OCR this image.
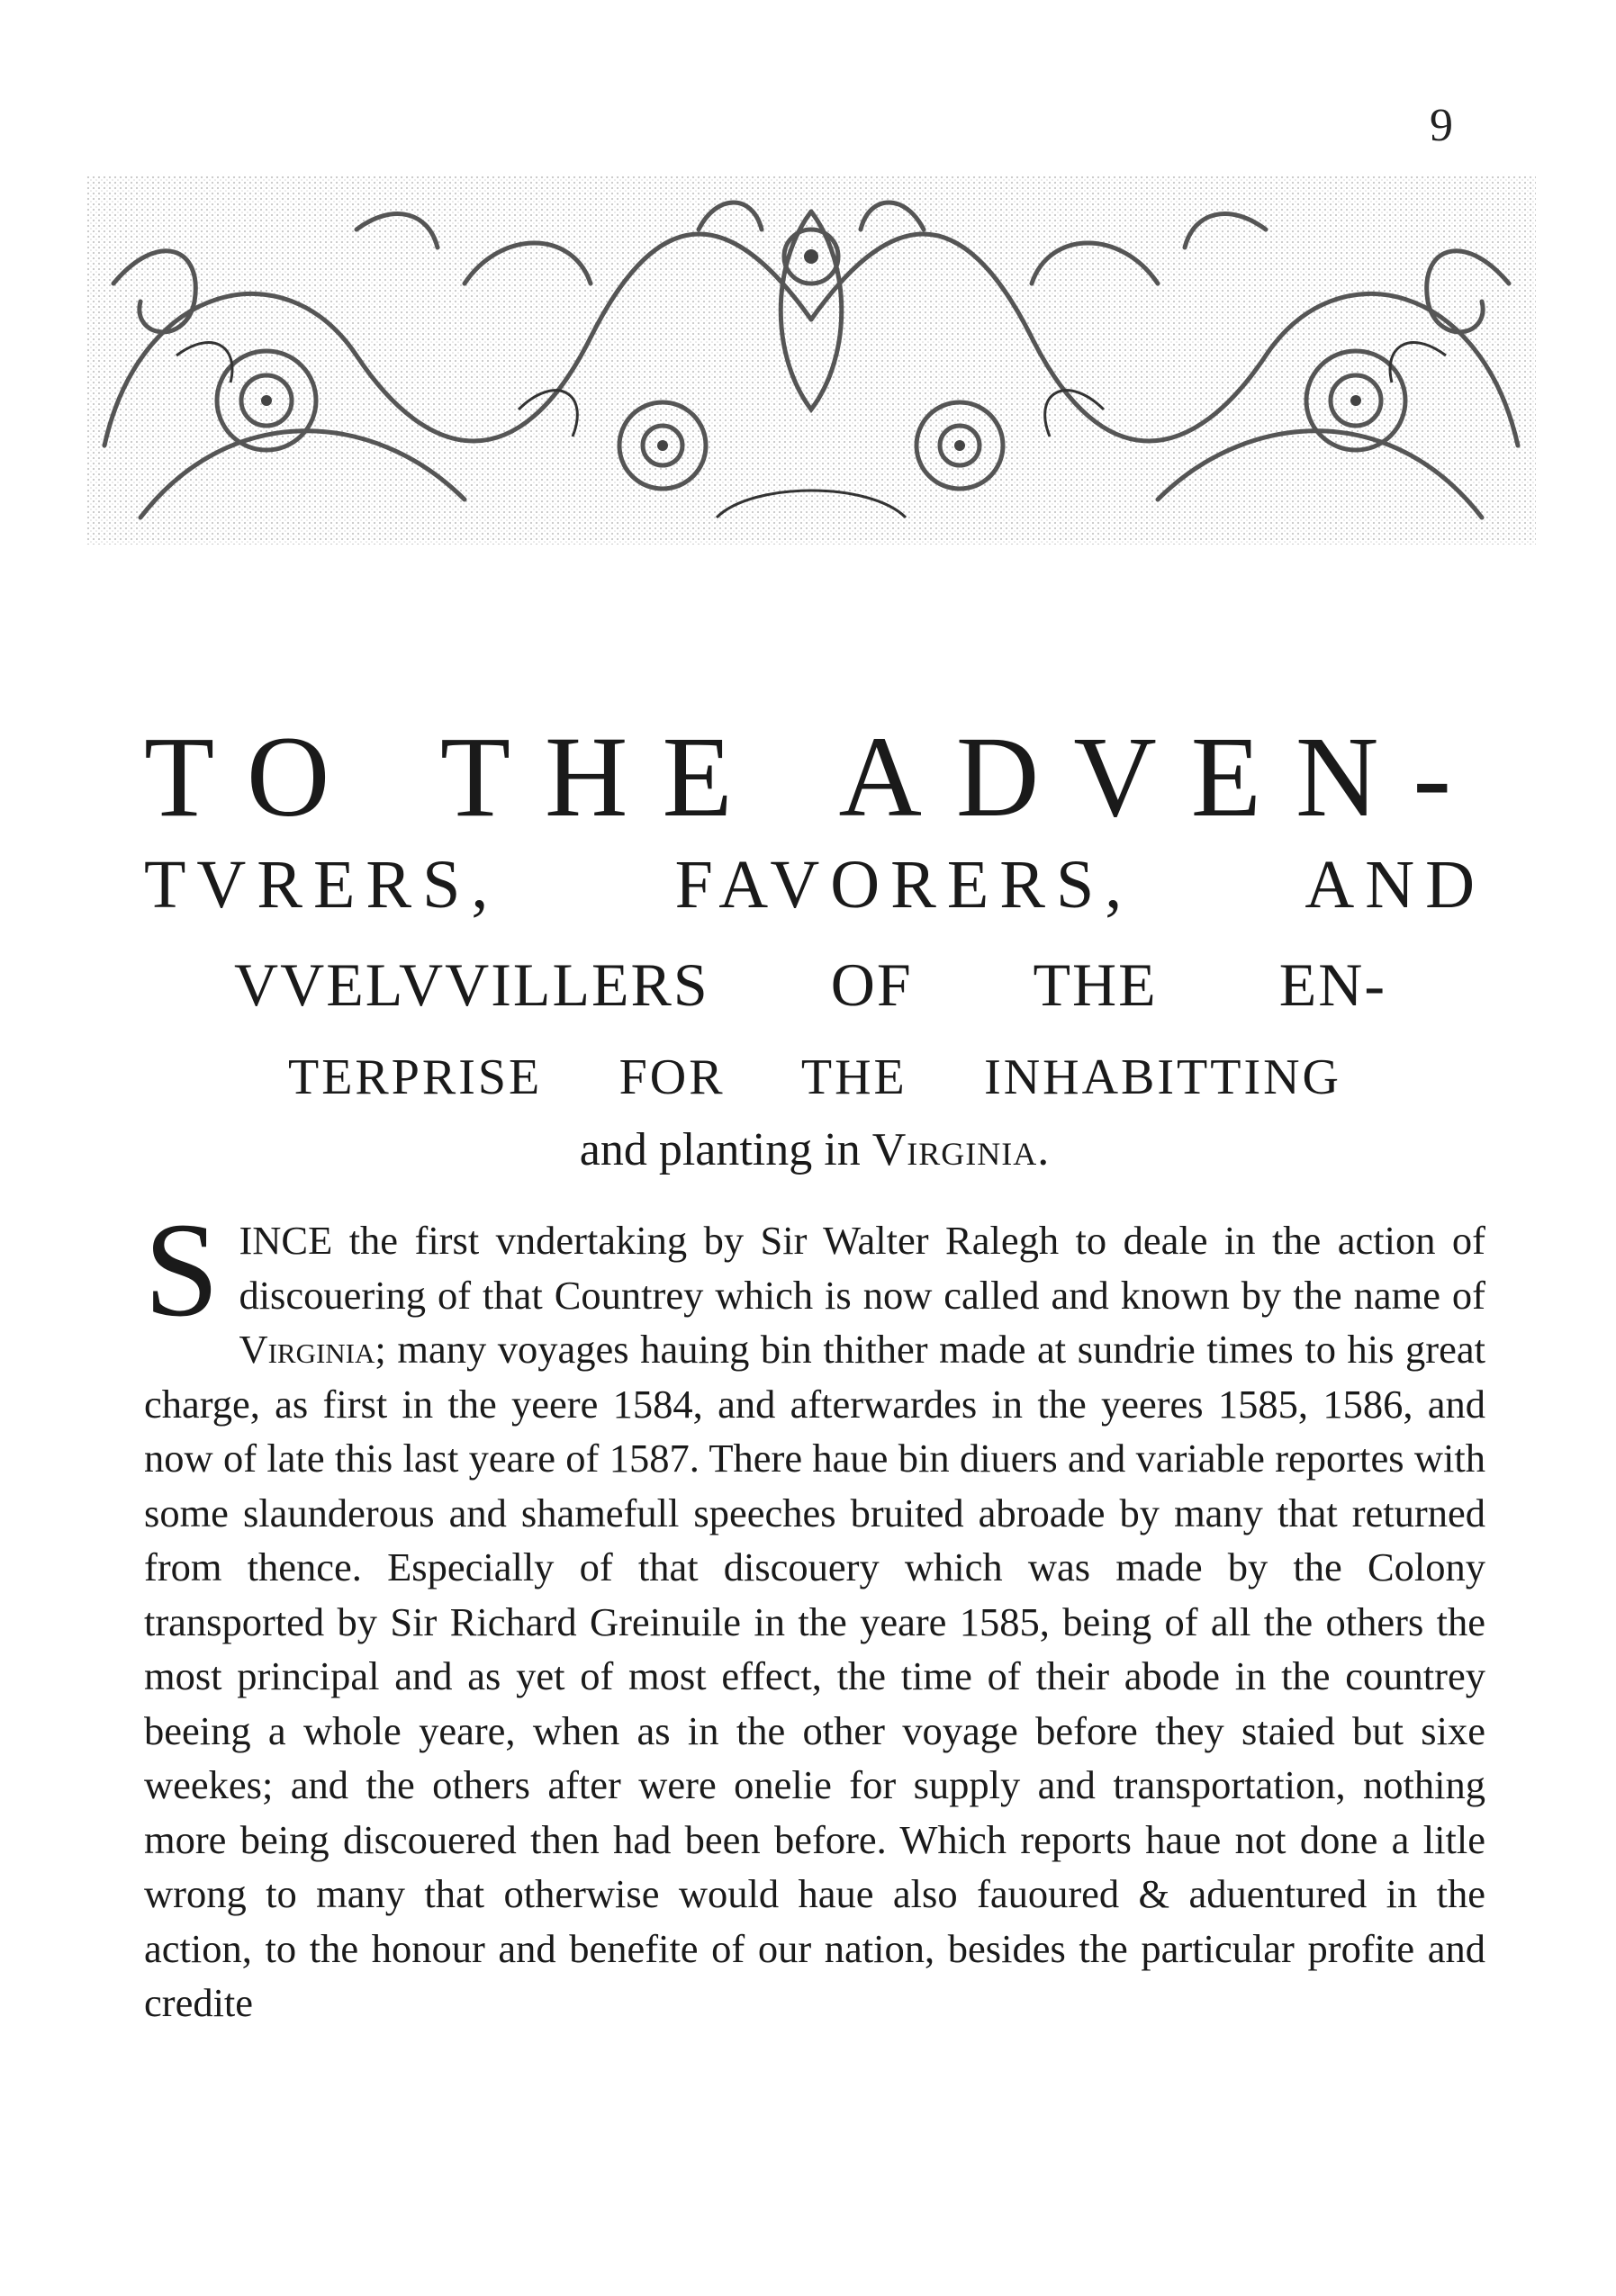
9
TO THE ADVEN-
TVRERS, FAVORERS, AND
VVELVVILLERS OF THE EN-
TERPRISE FOR THE INHABITTING
and planting in Virginia.
SINCE the first vndertaking by Sir Walter Ralegh to deale in the action of discouering of that Countrey which is now called and known by the name of Virginia; many voyages hauing bin thither made at sundrie times to his great charge, as first in the yeere 1584, and afterwardes in the yeeres 1585, 1586, and now of late this last yeare of 1587. There haue bin diuers and variable reportes with some slaunderous and shamefull speeches bruited abroade by many that returned from thence. Especially of that discouery which was made by the Colony transported by Sir Richard Greinuile in the yeare 1585, being of all the others the most principal and as yet of most effect, the time of their abode in the countrey beeing a whole yeare, when as in the other voyage before they staied but sixe weekes; and the others after were onelie for supply and transportation, nothing more being discouered then had been before. Which reports haue not done a litle wrong to many that otherwise would haue also fauoured & aduentured in the action, to the honour and benefite of our nation, besides the particular profite and credite
